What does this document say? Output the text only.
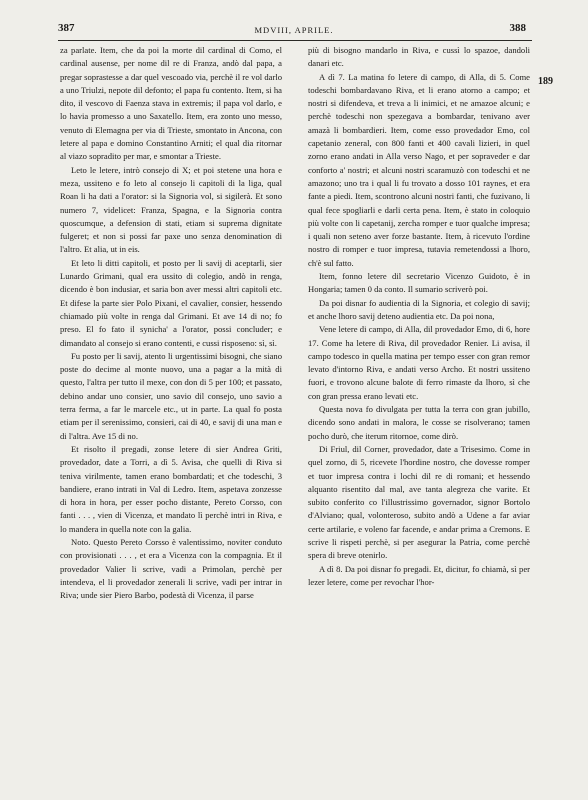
387	MDVIII, APRILE.	388

za parlate. Item, che da poi la morte dil cardinal di Como, el cardinal ausense, per nome dil re di Franza, andò dal papa, a pregar soprastesse a dar quel vescoado via, perchè il re vol darlo a uno Triulzi, nepote dil defonto; el papa fu contento. Item, si ha dito, il vescovo di Faenza stava in extremis; il papa vol darlo, e lo havia promesso a uno Saxatello. Item, era zonto uno messo, venuto di Elemagna per via di Trieste, smontato in Ancona, con letere al papa e domino Constantino Arniti; el qual dia ritornar al viazo sopradito per mar, e smontar a Trieste.

Leto le letere, intrò consejo di X; et poi stetene una hora e meza, ussiteno e fo leto al consejo li capitoli di la liga, qual Roan li ha dati a l'orator: si la Signoria vol, si sigilerà. Et sono numero 7, videlicet: Franza, Spagna, e la Signoria contra quoscumque, a defension di stati, etiam si suprema dignitate fulgeret; et non si possi far paxe uno senza denomination di l'altro. Et alia, ut in eis.

Et leto li ditti capitoli, et posto per li savij di aceptarli, sier Lunardo Grimani, qual era ussito di colegio, andò in renga, dicendo è bon indusiar, et saria bon aver messi altri capitoli etc. Et difese la parte sier Polo Pixani, el cavalier, consier, hessendo chiamado più volte in renga dal Grimani. Et ave 14 di no; fo preso. El fo fato il synicha' a l'orator, possi concluder; e dimandato al consejo si erano contenti, e cussi risposeno: sì, sì.

Fu posto per li savij, atento li urgentissimi bisogni, che siano poste do decime al monte nuovo, una a pagar a la mità di questo, l'altra per tutto il mexe, con don di 5 per 100; et passato, debino andar uno consier, uno savio dil consejo, uno savio a terra ferma, a far le marcele etc., ut in parte. La qual fo posta etiam per il serenissimo, consieri, cai di 40, e savij di una man e di l'altra. Ave 15 di no.

Et risolto il pregadi, zonse letere di sier Andrea Griti, provedador, date a Torri, a dì 5. Avisa, che quelli di Riva si teniva virilmente, tamen erano bombardati; et che todeschi, 3 bandiere, erano intrati in Val di Ledro. Item, aspetava zonzesse di hora in hora, per esser pocho distante, Pereto Corsso, con fanti . . . , vien di Vicenza, et mandato lì perchè intri in Riva, e lo mandera in quella note con la galia.

Noto. Questo Pereto Corsso è valentissimo, noviter conduto con provisionati . . . , et era a Vicenza con la compagnia. Et il provedador Valier li scrive, vadi a Primolan, perchè per intendeva, el li provedador zenerali li scrive, vadi per intrar in Riva; unde sier Piero Barbo, podestà di Vicenza, il parse

più di bisogno mandarlo in Riva, e cussì lo spazoe, dandoli danari etc.

A dì 7. La matina fo letere di campo, di Alla, di 5. Come todeschi bombardavano Riva, et li erano atorno a campo; et nostri si difendeva, et treva a li inimici, et ne amazoe alcuni; e perchè todeschi non spezegava a bombardar, tenivano aver amazà li bombardieri. Item, come esso provedador Emo, col capetanio zeneral, con 800 fanti et 400 cavali lizieri, in quel zorno erano andati in Alla verso Nago, et per sopraveder e dar conforto a' nostri; et alcuni nostri scaramuzò con todeschi et ne amazono; uno tra i qual li fu trovato a dosso 101 raynes, et era fante a piedi. Item, scontrono alcuni nostri fanti, che fuzivano, li qual fece spogliarli e darli certa pena. Item, è stato in coloquio più volte con li capetanij, zercha romper e tuor qualche impresa; i quali non seteno aver forze bastante. Item, à ricevuto l'ordine nostro di romper e tuor impresa, tutavia remetendossi a lhoro, ch'è sul fatto.

Item, fonno letere dil secretario Vicenzo Guidoto, è in Hongaria; tamen 0 da conto. Il sumario scriverò poi.

Da poi disnar fo audientia di la Signoria, et colegio di savij; et anche lhoro savij deteno audientia etc. Da poi nona,

Vene letere di campo, di Alla, dil provedador Emo, di 6, hore 17. Come ha letere di Riva, dil provedador Renier. Li avisa, il campo todesco in quella matina per tempo esser con gran remor levato d'intorno Riva, e andati verso Archo. Et nostri ussiteno fuori, e trovono alcune balote di ferro rimaste da lhoro, sì che con gran pressa erano levati etc.

Questa nova fo divulgata per tutta la terra con gran jubillo, dicendo sono andati in malora, le cosse se risolverano; tamen pocho durò, che iterum ritornoe, come dirò.

Di Friul, dil Corner, provedador, date a Trisesimo. Come in quel zorno, di 5, ricevete l'hordine nostro, che dovesse romper et tuor impresa contra i lochi dil re di romani; et hessendo alquanto risentito dal mal, ave tanta alegreza che varite. Et subito conferito co l'illustrissimo governador, signor Bortolo d'Alviano; qual, volonteroso, subito andò a Udene a far aviar certe artilarie, e voleno far facende, e andar prima a Cremons. E scrive li rispeti perchè, si per asegurar la Patria, come perchè spera di breve otenirlo.

A dì 8. Da poi disnar fo pregadi. Et, dicitur, fo chiamà, sì per lezer letere, come per revochar l'hor-

189
